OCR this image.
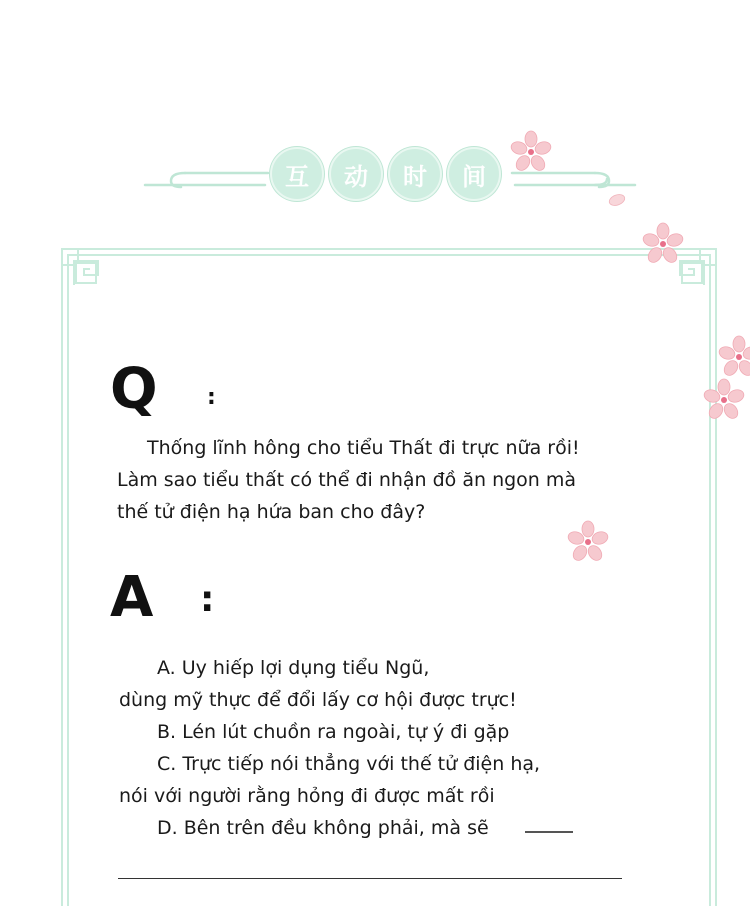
互	动	时	间
Q :
Thống lĩnh hông cho tiểu Thất đi trực nữa rồi!
Làm sao tiểu thất có thể đi nhận đồ ăn ngon mà
thế tử điện hạ hứa ban cho đây?
A :
A. Uy hiếp lợi dụng tiểu Ngũ,
dùng mỹ thực để đổi lấy cơ hội được trực!
B. Lén lút chuồn ra ngoài, tự ý đi gặp
C. Trực tiếp nói thẳng với thế tử điện hạ,
nói với người rằng hỏng đi được mất rồi
D. Bên trên đều không phải, mà sẽ
